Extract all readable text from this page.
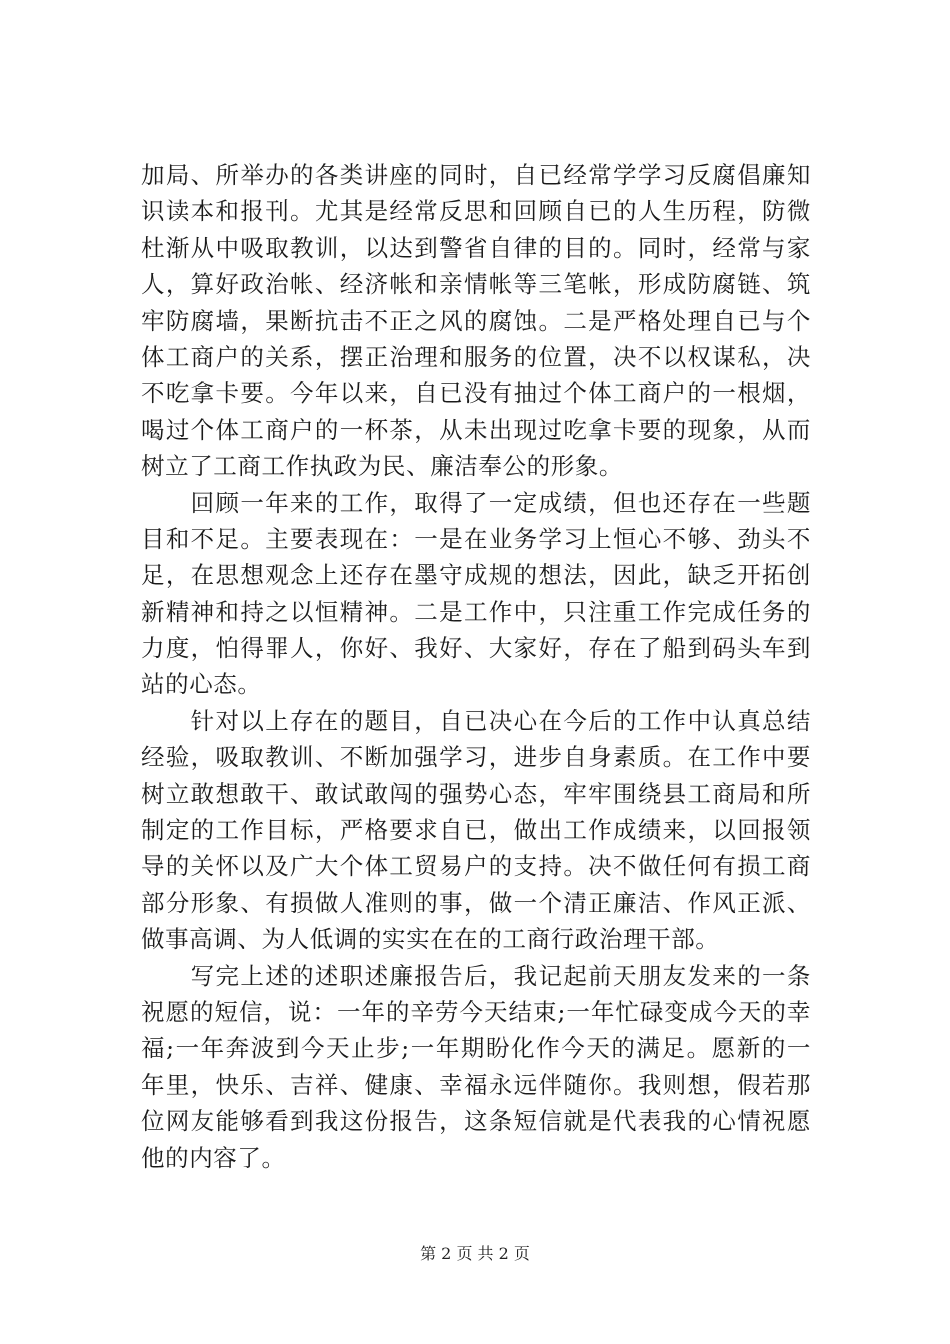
加局、所举办的各类讲座的同时，自已经常学学习反腐倡廉知
识读本和报刊。尤其是经常反思和回顾自已的人生历程，防微
杜渐从中吸取教训，以达到警省自律的目的。同时，经常与家
人，算好政治帐、经济帐和亲情帐等三笔帐，形成防腐链、筑
牢防腐墙，果断抗击不正之风的腐蚀。二是严格处理自已与个
体工商户的关系，摆正治理和服务的位置，决不以权谋私，决
不吃拿卡要。今年以来，自已没有抽过个体工商户的一根烟，
喝过个体工商户的一杯茶，从未出现过吃拿卡要的现象，从而
树立了工商工作执政为民、廉洁奉公的形象。
　　回顾一年来的工作，取得了一定成绩，但也还存在一些题
目和不足。主要表现在：一是在业务学习上恒心不够、劲头不
足，在思想观念上还存在墨守成规的想法，因此，缺乏开拓创
新精神和持之以恒精神。二是工作中，只注重工作完成任务的
力度，怕得罪人，你好、我好、大家好，存在了船到码头车到
站的心态。
　　针对以上存在的题目，自已决心在今后的工作中认真总结
经验，吸取教训、不断加强学习，进步自身素质。在工作中要
树立敢想敢干、敢试敢闯的强势心态，牢牢围绕县工商局和所
制定的工作目标，严格要求自已，做出工作成绩来，以回报领
导的关怀以及广大个体工贸易户的支持。决不做任何有损工商
部分形象、有损做人准则的事，做一个清正廉洁、作风正派、
做事高调、为人低调的实实在在的工商行政治理干部。
　　写完上述的述职述廉报告后，我记起前天朋友发来的一条
祝愿的短信，说：一年的辛劳今天结束;一年忙碌变成今天的幸
福;一年奔波到今天止步;一年期盼化作今天的满足。愿新的一
年里，快乐、吉祥、健康、幸福永远伴随你。我则想，假若那
位网友能够看到我这份报告，这条短信就是代表我的心情祝愿
他的内容了。
第 2 页 共 2 页
